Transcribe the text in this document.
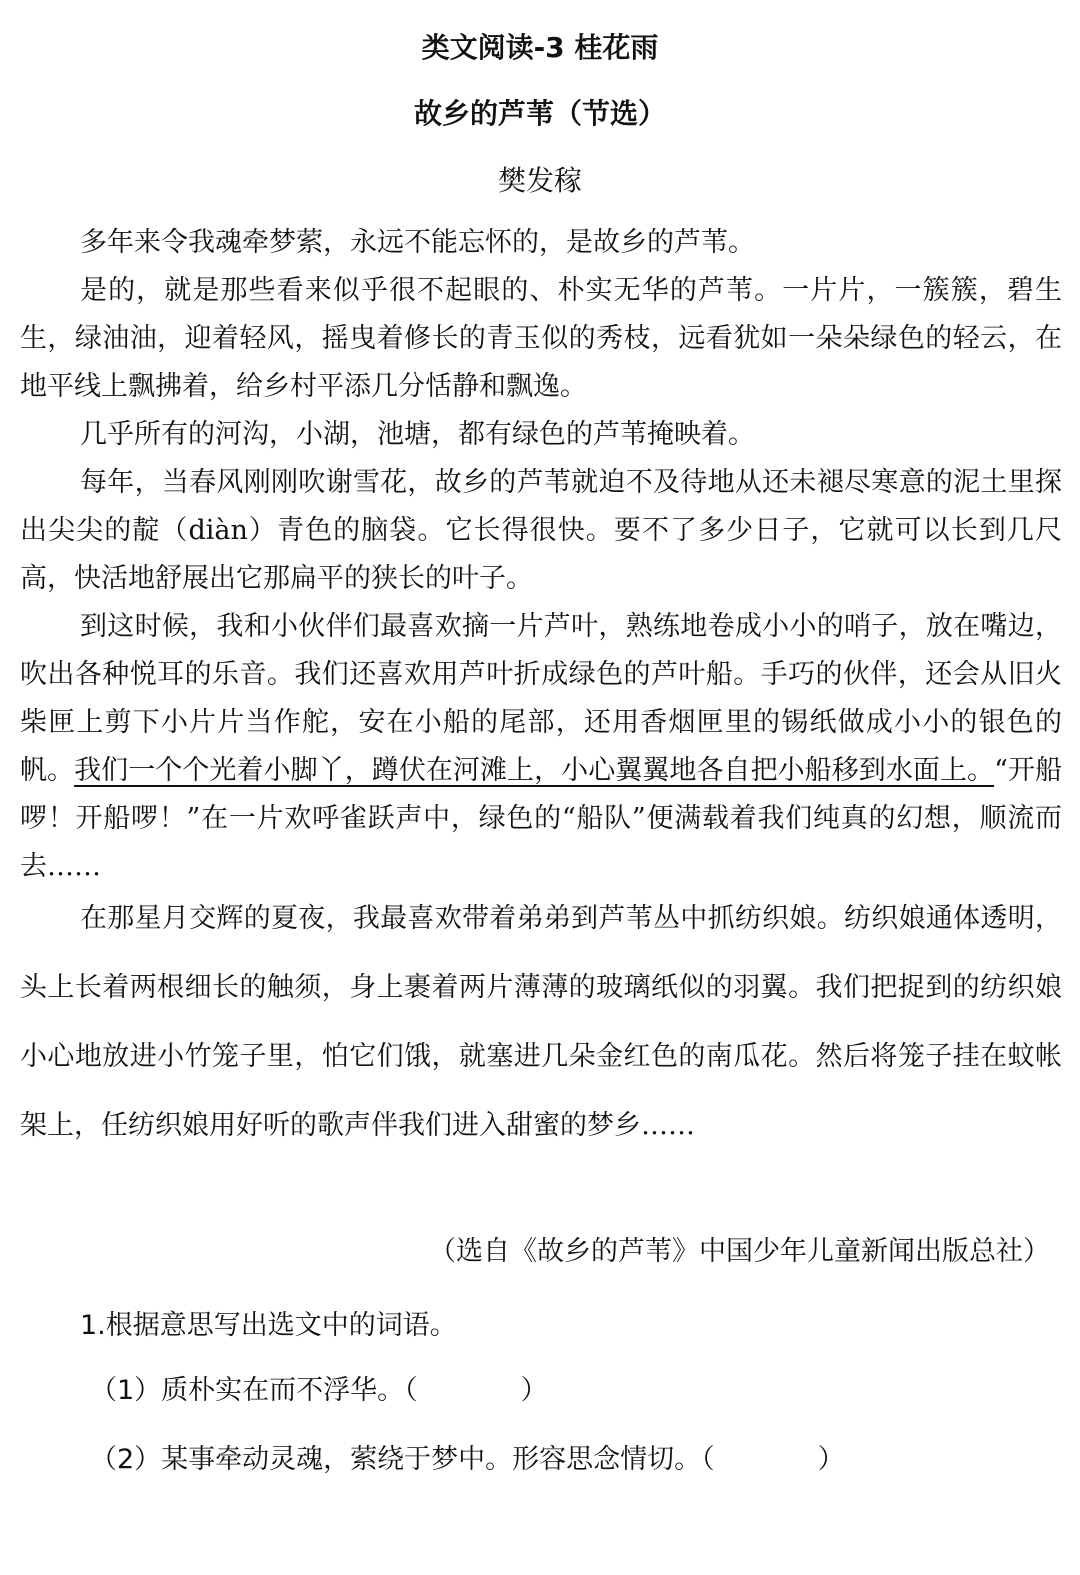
类文阅读-3 桂花雨
故乡的芦苇（节选）
樊发稼

多年来令我魂牵梦萦，永远不能忘怀的，是故乡的芦苇。

是的，就是那些看来似乎很不起眼的、朴实无华的芦苇。一片片，一簇簇，碧生生，绿油油，迎着轻风，摇曳着修长的青玉似的秀枝，远看犹如一朵朵绿色的轻云，在地平线上飘拂着，给乡村平添几分恬静和飘逸。

几乎所有的河沟，小湖，池塘，都有绿色的芦苇掩映着。

每年，当春风刚刚吹谢雪花，故乡的芦苇就迫不及待地从还未褪尽寒意的泥土里探出尖尖的靛（diàn）青色的脑袋。它长得很快。要不了多少日子，它就可以长到几尺高，快活地舒展出它那扁平的狭长的叶子。

到这时候，我和小伙伴们最喜欢摘一片芦叶，熟练地卷成小小的哨子，放在嘴边，吹出各种悦耳的乐音。我们还喜欢用芦叶折成绿色的芦叶船。手巧的伙伴，还会从旧火柴匣上剪下小片片当作舵，安在小船的尾部，还用香烟匣里的锡纸做成小小的银色的帆。我们一个个光着小脚丫，蹲伏在河滩上，小心翼翼地各自把小船移到水面上。“开船啰！开船啰！”在一片欢呼雀跃声中，绿色的“船队”便满载着我们纯真的幻想，顺流而去……

在那星月交辉的夏夜，我最喜欢带着弟弟到芦苇丛中抓纺织娘。纺织娘通体透明，头上长着两根细长的触须，身上裹着两片薄薄的玻璃纸似的羽翼。我们把捉到的纺织娘小心地放进小竹笼子里，怕它们饿，就塞进几朵金红色的南瓜花。然后将笼子挂在蚊帐架上，任纺织娘用好听的歌声伴我们进入甜蜜的梦乡……

（选自《故乡的芦苇》中国少年儿童新闻出版总社）
1.根据意思写出选文中的词语。
（1）质朴实在而不浮华。（            ）
（2）某事牵动灵魂，萦绕于梦中。形容思念情切。（            ）
